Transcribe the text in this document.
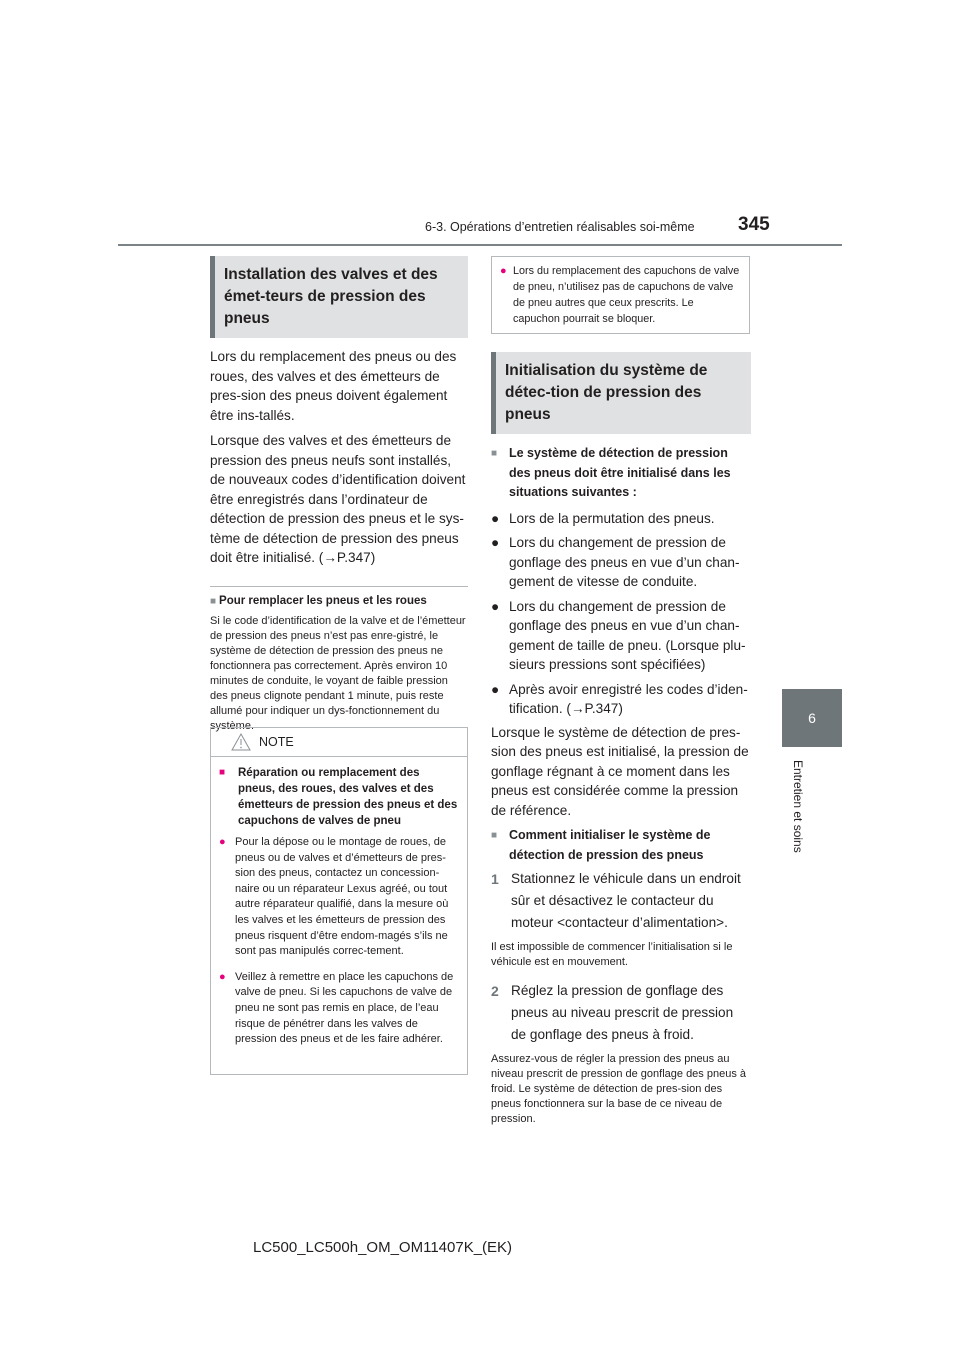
6-3. Opérations d’entretien réalisables soi-même 345
6
Entretien et soins
Installation des valves et des émet-teurs de pression des pneus

Lors du remplacement des pneus ou des roues, des valves et des émetteurs de pres-sion des pneus doivent également être ins-tallés.

Lorsque des valves et des émetteurs de pression des pneus neufs sont installés, de nouveaux codes d’identification doivent être enregistrés dans l’ordinateur de détection de pression des pneus et le sys-tème de détection de pression des pneus doit être initialisé. (→P.347)

■ Pour remplacer les pneus et les roues

Si le code d’identification de la valve et de l’émetteur de pression des pneus n’est pas enre-gistré, le système de détection de pression des pneus ne fonctionnera pas correctement. Après environ 10 minutes de conduite, le voyant de faible pression des pneus clignote pendant 1 minute, puis reste allumé pour indiquer un dys-fonctionnement du système.

NOTE
■	Réparation ou remplacement des pneus, des roues, des valves et des émetteurs de pression des pneus et des capuchons de valves de pneu
● Pour la dépose ou le montage de roues, de pneus ou de valves et d’émetteurs de pres-sion des pneus, contactez un concession-naire ou un réparateur Lexus agréé, ou tout autre réparateur qualifié, dans la mesure où les valves et les émetteurs de pression des pneus risquent d’être endom-magés s’ils ne sont pas manipulés correc-tement.
● Veillez à remettre en place les capuchons de valve de pneu. Si les capuchons de valve de pneu ne sont pas remis en place, de l’eau risque de pénétrer dans les valves de pression des pneus et de les faire adhérer.
● Lors du remplacement des capuchons de valve de pneu, n’utilisez pas de capuchons de valve de pneu autres que ceux prescrits. Le capuchon pourrait se bloquer.
Initialisation du système de détec-tion de pression des pneus
■ Le système de détection de pression des pneus doit être initialisé dans les situations suivantes :
● Lors de la permutation des pneus.
● Lors du changement de pression de gonflage des pneus en vue d’un chan-gement de vitesse de conduite.
● Lors du changement de pression de gonflage des pneus en vue d’un chan-gement de taille de pneu. (Lorsque plu-sieurs pressions sont spécifiées)
● Après avoir enregistré les codes d’iden-tification. (→P.347)

Lorsque le système de détection de pres-sion des pneus est initialisé, la pression de gonflage régnant à ce moment dans les pneus est considérée comme la pression de référence.

■ Comment initialiser le système de détection de pression des pneus
1 Stationnez le véhicule dans un endroit sûr et désactivez le contacteur du moteur <contacteur d’alimentation>.

Il est impossible de commencer l’initialisation si le véhicule est en mouvement.

2 Réglez la pression de gonflage des pneus au niveau prescrit de pression de gonflage des pneus à froid.

Assurez-vous de régler la pression des pneus au niveau prescrit de pression de gonflage des pneus à froid. Le système de détection de pres-sion des pneus fonctionnera sur la base de ce niveau de pression.

LC500_LC500h_OM_OM11407K_(EK)
